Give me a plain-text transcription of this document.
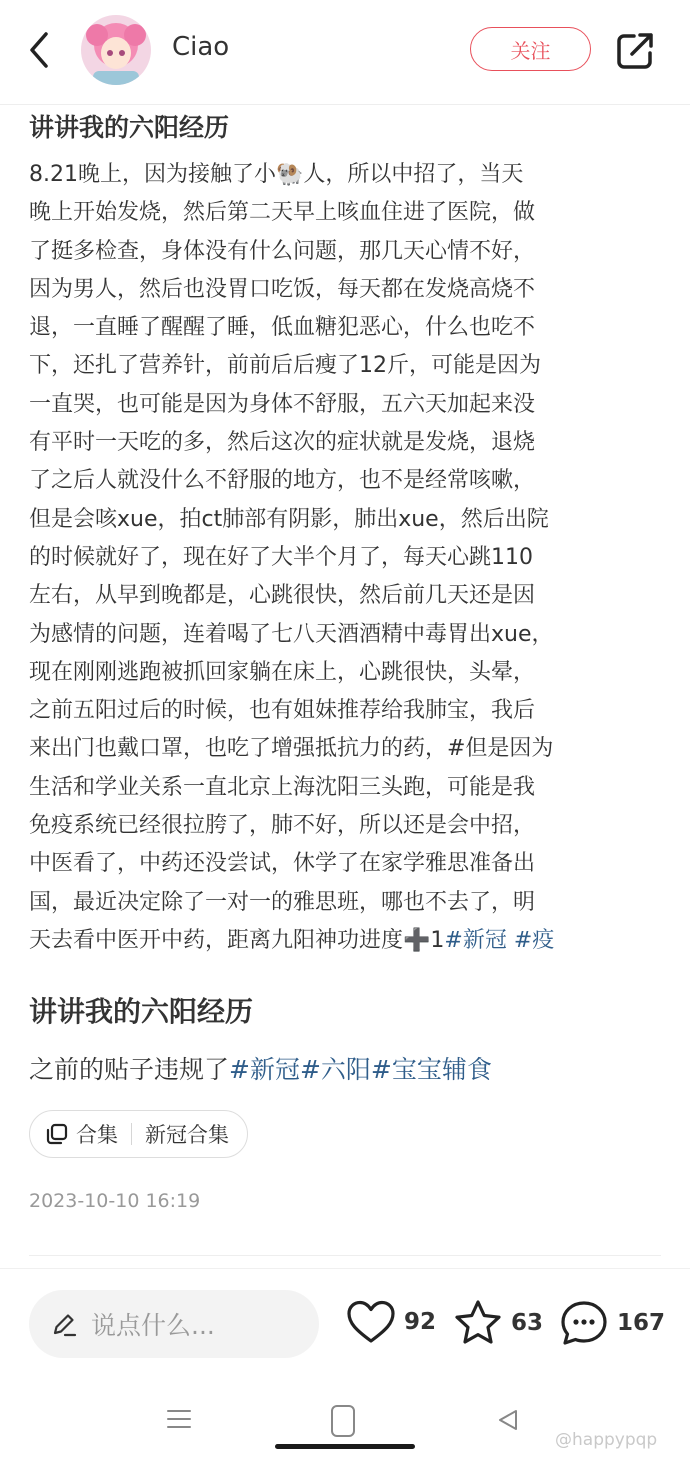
Ciao	关注
讲讲我的六阳经历
8.21晚上，因为接触了小🐏人，所以中招了，当天
晚上开始发烧，然后第二天早上咳血住进了医院，做
了挺多检查，身体没有什么问题，那几天心情不好，
因为男人，然后也没胃口吃饭，每天都在发烧高烧不
退，一直睡了醒醒了睡，低血糖犯恶心，什么也吃不
下，还扎了营养针，前前后后瘦了12斤，可能是因为
一直哭，也可能是因为身体不舒服，五六天加起来没
有平时一天吃的多，然后这次的症状就是发烧，退烧
了之后人就没什么不舒服的地方，也不是经常咳嗽，
但是会咳xue，拍ct肺部有阴影，肺出xue，然后出院
的时候就好了，现在好了大半个月了，每天心跳110
左右，从早到晚都是，心跳很快，然后前几天还是因
为感情的问题，连着喝了七八天酒酒精中毒胃出xue，
现在刚刚逃跑被抓回家躺在床上，心跳很快，头晕，
之前五阳过后的时候，也有姐妹推荐给我肺宝，我后
来出门也戴口罩，也吃了增强抵抗力的药，#但是因为
生活和学业关系一直北京上海沈阳三头跑，可能是我
免疫系统已经很拉胯了，肺不好，所以还是会中招，
中医看了，中药还没尝试，休学了在家学雅思准备出
国，最近决定除了一对一的雅思班，哪也不去了，明
天去看中医开中药，距离九阳神功进度➕1#新冠 #疫
讲讲我的六阳经历
之前的贴子违规了#新冠#六阳#宝宝辅食
合集 新冠合集
2023-10-10 16:19
说点什么...	92	63	167
@happypqp
